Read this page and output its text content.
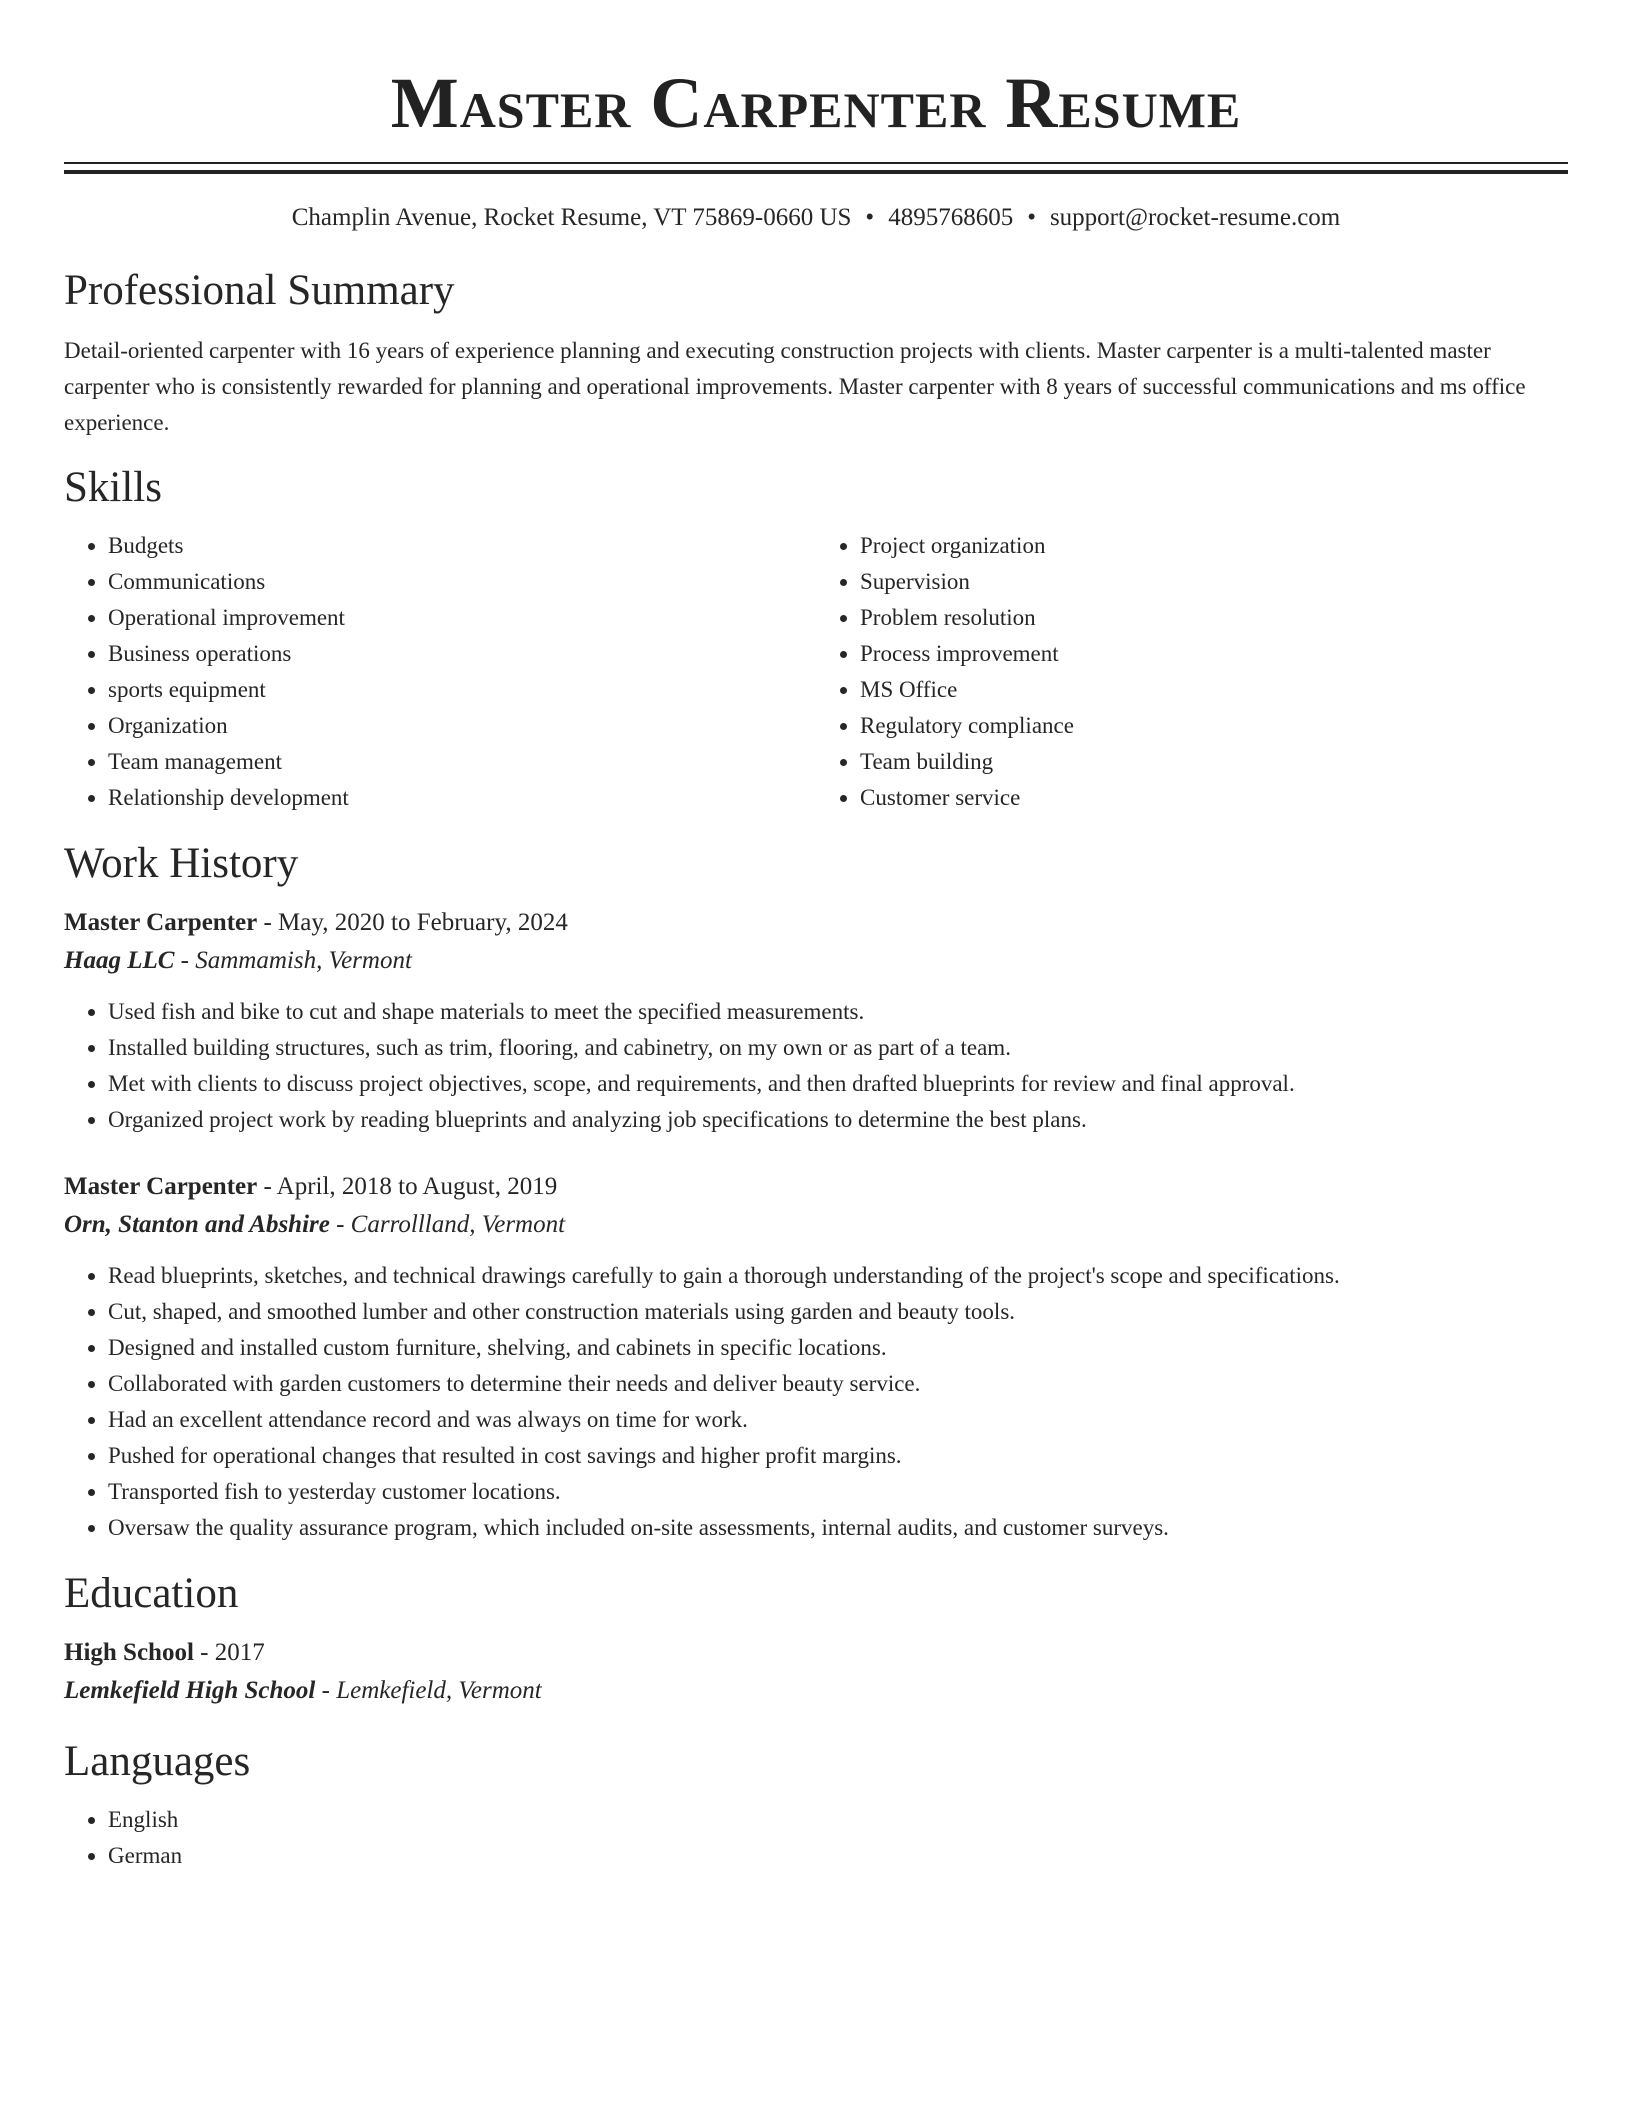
Master Carpenter Resume
Champlin Avenue, Rocket Resume, VT 75869-0660 US • 4895768605 • support@rocket-resume.com
Professional Summary

Detail-oriented carpenter with 16 years of experience planning and executing construction projects with clients. Master carpenter is a multi-talented master carpenter who is consistently rewarded for planning and operational improvements. Master carpenter with 8 years of successful communications and ms office experience.

Skills
• Budgets
• Communications
• Operational improvement
• Business operations
• sports equipment
• Organization
• Team management
• Relationship development
• Project organization
• Supervision
• Problem resolution
• Process improvement
• MS Office
• Regulatory compliance
• Team building
• Customer service
Work History
Master Carpenter - May, 2020 to February, 2024
Haag LLC - Sammamish, Vermont
• Used fish and bike to cut and shape materials to meet the specified measurements.
• Installed building structures, such as trim, flooring, and cabinetry, on my own or as part of a team.
• Met with clients to discuss project objectives, scope, and requirements, and then drafted blueprints for review and final approval.
• Organized project work by reading blueprints and analyzing job specifications to determine the best plans.
Master Carpenter - April, 2018 to August, 2019
Orn, Stanton and Abshire - Carrollland, Vermont
• Read blueprints, sketches, and technical drawings carefully to gain a thorough understanding of the project's scope and specifications.
• Cut, shaped, and smoothed lumber and other construction materials using garden and beauty tools.
• Designed and installed custom furniture, shelving, and cabinets in specific locations.
• Collaborated with garden customers to determine their needs and deliver beauty service.
• Had an excellent attendance record and was always on time for work.
• Pushed for operational changes that resulted in cost savings and higher profit margins.
• Transported fish to yesterday customer locations.
• Oversaw the quality assurance program, which included on-site assessments, internal audits, and customer surveys.
Education
High School - 2017
Lemkefield High School - Lemkefield, Vermont
Languages
• English
• German
